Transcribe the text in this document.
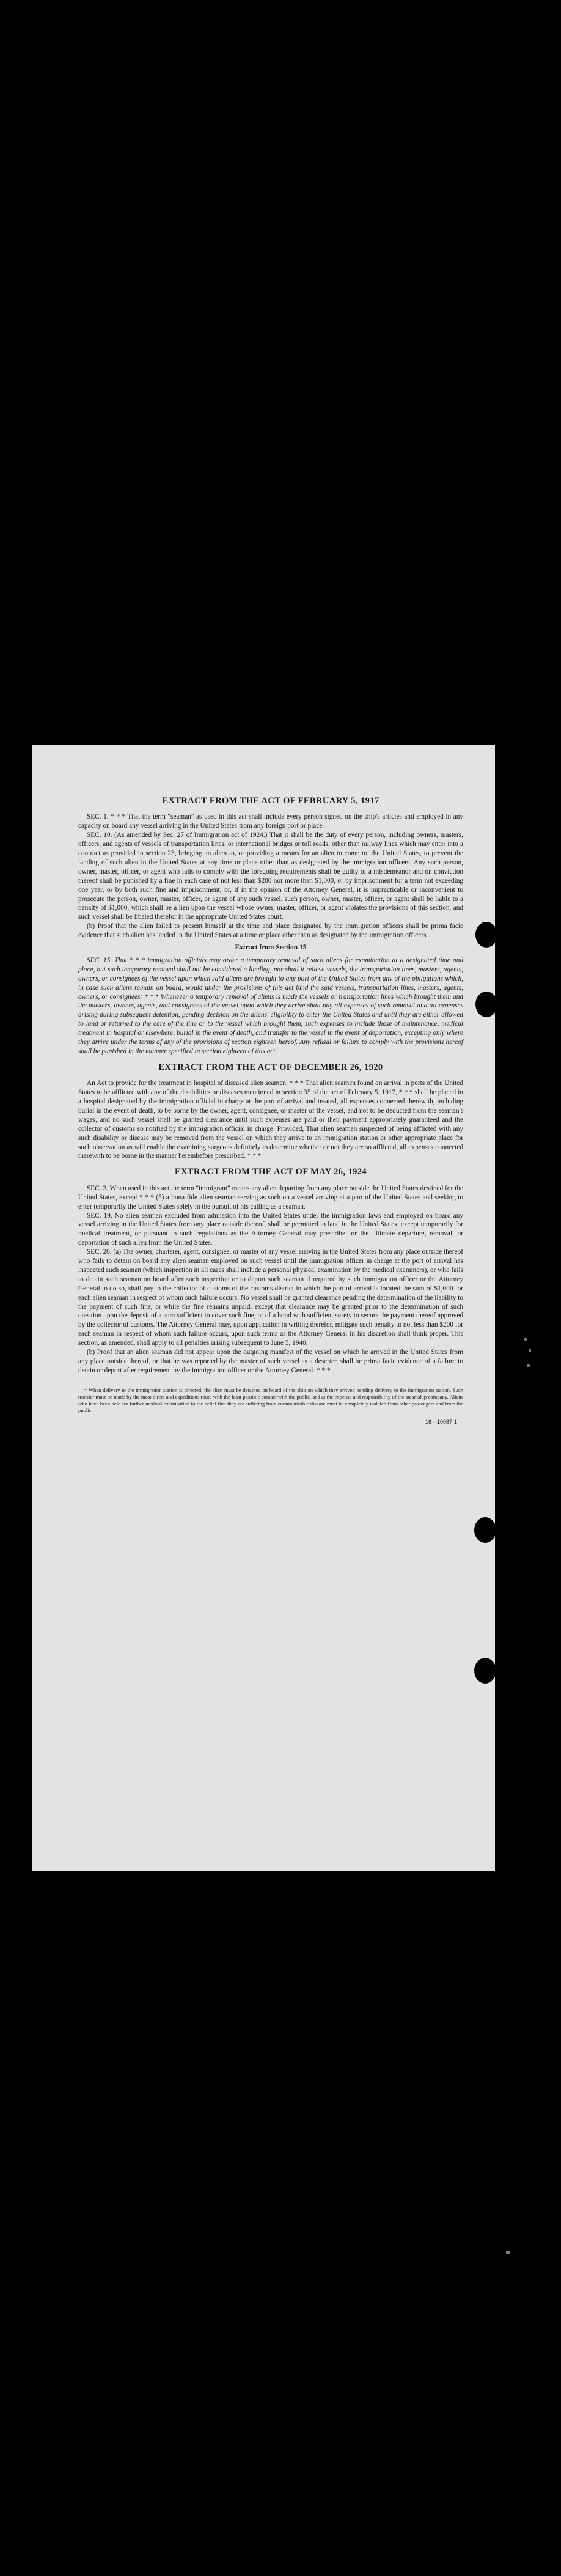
EXTRACT FROM THE ACT OF FEBRUARY 5, 1917

SEC. 1. * * * That the term "seaman" as used in this act shall include every person signed on the ship's articles and employed in any capacity on board any vessel arriving in the United States from any foreign port or place.

SEC. 10. (As amended by Sec. 27 of Immigration act of 1924.) That it shall be the duty of every person, including owners, masters, officers, and agents of vessels of transportation lines, or international bridges or toll roads, other than railway lines which may enter into a contract as provided in section 23, bringing an alien to, or providing a means for an alien to come to, the United States, to prevent the landing of such alien in the United States at any time or place other than as designated by the immigration officers. Any such person, owner, master, officer, or agent who fails to comply with the foregoing requirements shall be guilty of a misdemeanor and on conviction thereof shall be punished by a fine in each case of not less than $200 nor more than $1,000, or by imprisonment for a term not exceeding one year, or by both such fine and imprisonment; or, if in the opinion of the Attorney General, it is impracticable or inconvenient to prosecute the person, owner, master, officer, or agent of any such vessel, such person, owner, master, officer, or agent shall be liable to a penalty of $1,000, which shall be a lien upon the vessel whose owner, master, officer, or agent violates the provisions of this section, and such vessel shall be libeled therefor in the appropriate United States court.

(b) Proof that the alien failed to present himself at the time and place designated by the immigration officers shall be prima facie evidence that such alien has landed in the United States at a time or place other than as designated by the immigration officers.

Extract from Section 15

SEC. 15. That * * * immigration officials may order a temporary removal of such aliens for examination at a designated time and place, but such temporary removal shall not be considered a landing, nor shall it relieve vessels, the transportation lines, masters, agents, owners, or consignees of the vessel upon which said aliens are brought to any port of the United States from any of the obligations which, in case such aliens remain on board, would under the provisions of this act bind the said vessels, transportation lines, masters, agents, owners, or consignees: * * * Whenever a temporary removal of aliens is made the vessels or transportation lines which brought them and the masters, owners, agents, and consignees of the vessel upon which they arrive shall pay all expenses of such removal and all expenses arising during subsequent detention, pending decision on the aliens' eligibility to enter the United States and until they are either allowed to land or returned to the care of the line or to the vessel which brought them, such expenses to include those of maintenance, medical treatment in hospital or elsewhere, burial in the event of death, and transfer to the vessel in the event of deportation, excepting only where they arrive under the terms of any of the provisions of section eighteen hereof. Any refusal or failure to comply with the provisions hereof shall be punished in the manner specified in section eighteen of this act.

EXTRACT FROM THE ACT OF DECEMBER 26, 1920

An Act to provide for the treatment in hospital of diseased alien seamen. * * * That alien seamen found on arrival in ports of the United States to be afflicted with any of the disabilities or diseases mentioned in section 35 of the act of February 5, 1917, * * * shall be placed in a hospital designated by the immigration official in charge at the port of arrival and treated, all expenses connected therewith, including burial in the event of death, to be borne by the owner, agent, consignee, or master of the vessel, and not to be deducted from the seaman's wages, and no such vessel shall be granted clearance until such expenses are paid or their payment appropriately guaranteed and the collector of customs so notified by the immigration official in charge: Provided, That alien seamen suspected of being afflicted with any such disability or disease may be removed from the vessel on which they arrive to an immigration station or other appropriate place for such observation as will enable the examining surgeons definitely to determine whether or not they are so afflicted, all expenses connected therewith to be borne in the manner hereinbefore prescribed. * * *

EXTRACT FROM THE ACT OF MAY 26, 1924

SEC. 3. When used in this act the term "immigrant" means any alien departing from any place outside the United States destined for the United States, except * * * (5) a bona fide alien seaman serving as such on a vessel arriving at a port of the United States and seeking to enter temporarily the United States solely in the pursuit of his calling as a seaman.

SEC. 19. No alien seaman excluded from admission into the United States under the immigration laws and employed on board any vessel arriving in the United States from any place outside thereof, shall be permitted to land in the United States, except temporarily for medical treatment, or pursuant to such regulations as the Attorney General may prescribe for the ultimate departure, removal, or deportation of such alien from the United States.

SEC. 20. (a) The owner, charterer, agent, consignee, or master of any vessel arriving in the United States from any place outside thereof who fails to detain on board any alien seaman employed on such vessel until the immigration officer in charge at the port of arrival has inspected such seaman (which inspection in all cases shall include a personal physical examination by the medical examiners), or who fails to detain such seaman on board after such inspection or to deport such seaman if required by such immigration officer or the Attorney General to do so, shall pay to the collector of customs of the customs district in which the port of arrival is located the sum of $1,000 for each alien seaman in respect of whom such failure occurs. No vessel shall be granted clearance pending the determination of the liability to the payment of such fine, or while the fine remains unpaid, except that clearance may be granted prior to the determination of such question upon the deposit of a sum sufficient to cover such fine, or of a bond with sufficient surety to secure the payment thereof approved by the collector of customs. The Attorney General may, upon application in writing therefor, mitigate such penalty to not less than $200 for each seaman in respect of whom such failure occurs, upon such terms as the Attorney General in his discretion shall think proper. This section, as amended, shall apply to all penalties arising subsequent to June 5, 1940.

(b) Proof that an alien seaman did not appear upon the outgoing manifest of the vessel on which he arrived in the United States from any place outside thereof, or that he was reported by the master of such vessel as a deserter, shall be prima facie evidence of a failure to detain or deport after requirement by the immigration officer or the Attorney General. * * *

* When delivery to the immigration station is directed, the alien must be detained on board of the ship on which they arrived pending delivery to the immigration station. Such transfer must be made by the most direct and expeditious route with the least possible contact with the public, and at the expense and responsibility of the steamship company. Aliens who have been held for further medical examination to the belief that they are suffering from communicable disease must be completely isolated from other passengers and from the public.

16—10087-1
